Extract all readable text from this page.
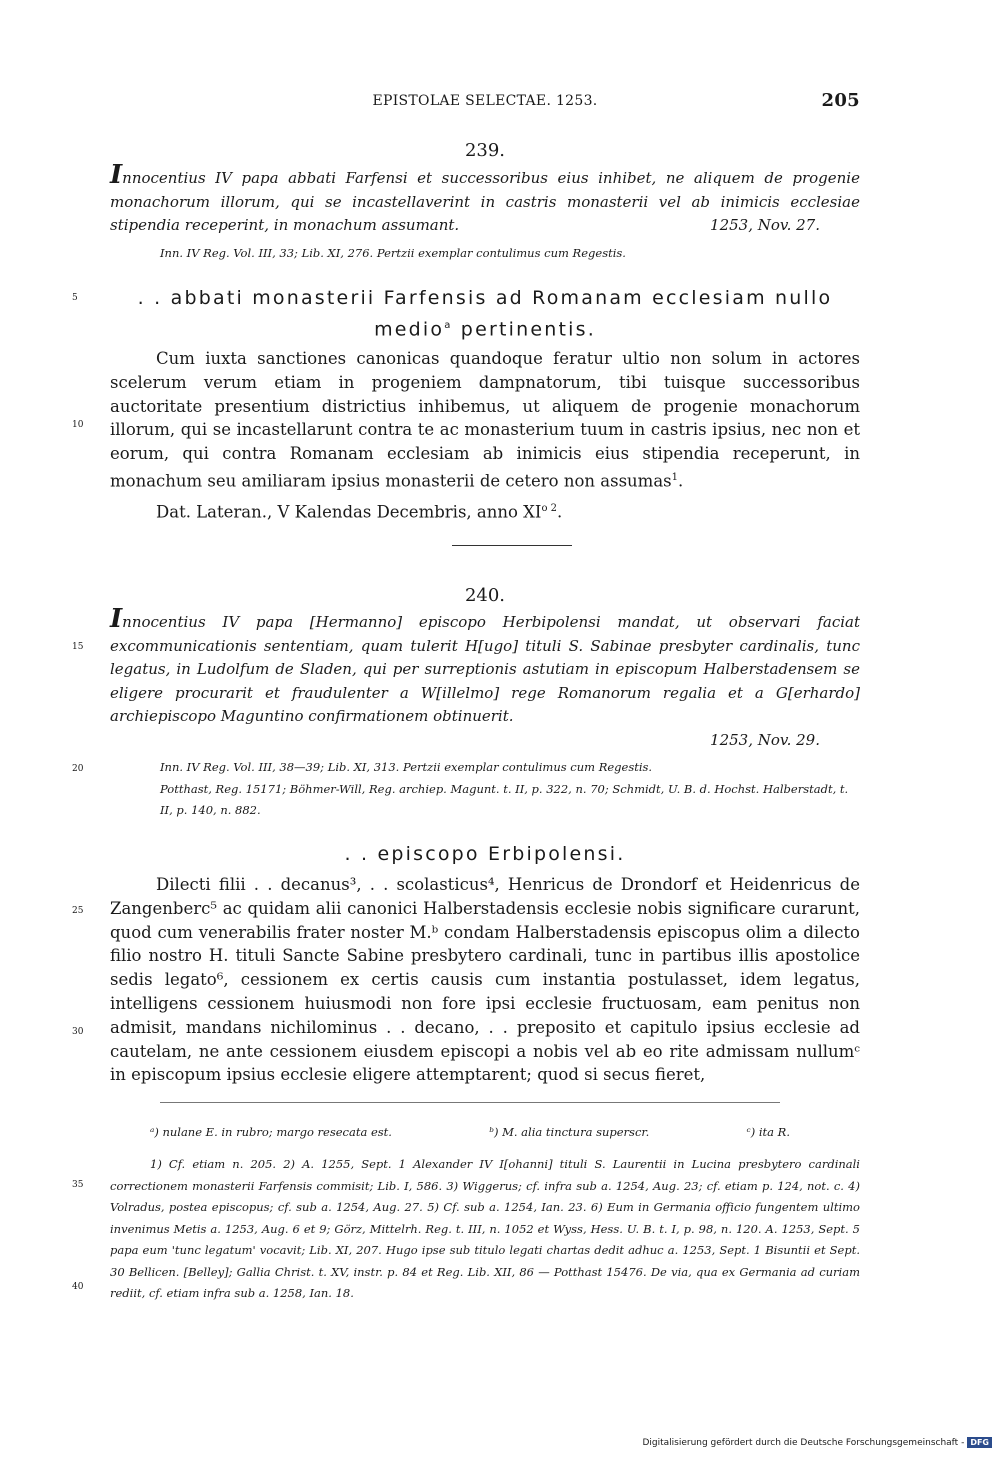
EPISTOLAE SELECTAE. 1253.	205
239.
Innocentius IV papa abbati Farfensi et successoribus eius inhibet, ne aliquem de progenie monachorum illorum, qui se incastellaverint in castris monasterii vel ab inimicis ecclesiae stipendia receperint, in monachum assumant.	1253, Nov. 27.
Inn. IV Reg. Vol. III, 33; Lib. XI, 276. Pertzii exemplar contulimus cum Regestis.
. . abbati monasterii Farfensis ad Romanam ecclesiam nullo
medio$^a$ pertinentis.

Cum iuxta sanctiones canonicas quandoque feratur ultio non solum in actores scelerum verum etiam in progeniem dampnatorum, tibi tuisque successoribus auctoritate presentium districtius inhibemus, ut aliquem de progenie monachorum illorum, qui se incastellarunt contra te ac monasterium tuum in castris ipsius, nec non et eorum, qui contra Romanam ecclesiam ab inimicis eius stipendia receperunt, in monachum seu amiliaram ipsius monasterii de cetero non assumas$^1$.

Dat. Lateran., V Kalendas Decembris, anno $XI^o$ $^2$.

240.
Innocentius IV papa [Hermanno] episcopo Herbipolensi mandat, ut observari faciat excommunicationis sententiam, quam tulerit H[ugo] tituli S. Sabinae presbyter cardinalis, tunc legatus, in Ludolfum de Sladen, qui per surreptionis astutiam in episcopum Halberstadensem se eligere procurarit et fraudulenter a W[illelmo] rege Romanorum regalia et a G[erhardo] archiepiscopo Maguntino confirmationem obtinuerit.
1253, Nov. 29.
Inn. IV Reg. Vol. III, 38—39; Lib. XI, 313. Pertzii exemplar contulimus cum Regestis.
Potthast, Reg. 15171; Böhmer-Will, Reg. archiep. Magunt. t. II, p. 322, n. 70; Schmidt, U. B. d. Hochst. Halberstadt, t. II, p. 140, n. 882.
. . episcopo Erbipolensi.

Dilecti filii . . decanus³, . . scolasticus⁴, Henricus de Drondorf et Heidenricus de Zangenberc⁵ ac quidam alii canonici Halberstadensis ecclesie nobis significare curarunt, quod cum venerabilis frater noster M.ᵇ condam Halberstadensis episcopus olim a dilecto filio nostro H. tituli Sancte Sabine presbytero cardinali, tunc in partibus illis apostolice sedis legato⁶, cessionem ex certis causis cum instantia postulasset, idem legatus, intelligens cessionem huiusmodi non fore ipsi ecclesie fructuosam, eam penitus non admisit, mandans nichilominus . . decano, . . preposito et capitulo ipsius ecclesie ad cautelam, ne ante cessionem eiusdem episcopi a nobis vel ab eo rite admissam nullumᶜ in episcopum ipsius ecclesie eligere attemptarent; quod si secus fieret,

ᵃ) nulane E. in rubro; margo resecata est.	ᵇ) M. alia tinctura superscr.	ᶜ) ita R.
1) Cf. etiam n. 205. 2) A. 1255, Sept. 1 Alexander IV I[ohanni] tituli S. Laurentii in Lucina presbytero cardinali correctionem monasterii Farfensis commisit; Lib. I, 586. 3) Wiggerus; cf. infra sub a. 1254, Aug. 23; cf. etiam p. 124, not. c. 4) Volradus, postea episcopus; cf. sub a. 1254, Aug. 27. 5) Cf. sub a. 1254, Ian. 23. 6) Eum in Germania officio fungentem ultimo invenimus Metis a. 1253, Aug. 6 et 9; Görz, Mittelrh. Reg. t. III, n. 1052 et Wyss, Hess. U. B. t. I, p. 98, n. 120. A. 1253, Sept. 5 papa eum 'tunc legatum' vocavit; Lib. XI, 207. Hugo ipse sub titulo legati chartas dedit adhuc a. 1253, Sept. 1 Bisuntii et Sept. 30 Bellicen. [Belley]; Gallia Christ. t. XV, instr. p. 84 et Reg. Lib. XII, 86 — Potthast 15476. De via, qua ex Germania ad curiam rediit, cf. etiam infra sub a. 1258, Ian. 18.
5
10
15
20
25
30
35
40
Digitalisierung gefördert durch die Deutsche Forschungsgemeinschaft - DFG
